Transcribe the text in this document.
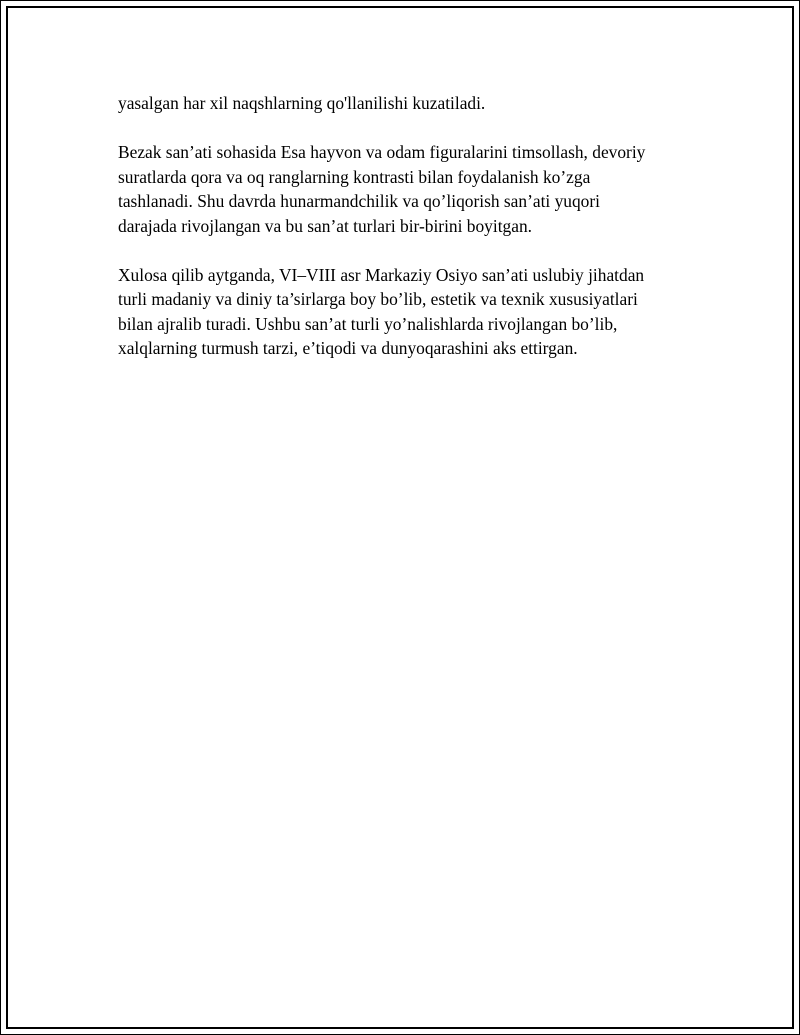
yasalgan har xil naqshlarning qo'llanilishi kuzatiladi.

Bezak san’ati sohasida Esa hayvon va odam figuralarini timsollash, devoriy
suratlarda qora va oq ranglarning kontrasti bilan foydalanish ko’zga
tashlanadi. Shu davrda hunarmandchilik va qo’liqorish san’ati yuqori
darajada rivojlangan va bu san’at turlari bir-birini boyitgan.

Xulosa qilib aytganda, VI–VIII asr Markaziy Osiyo san’ati uslubiy jihatdan
turli madaniy va diniy ta’sirlarga boy bo’lib, estetik va texnik xususiyatlari
bilan ajralib turadi. Ushbu san’at turli yo’nalishlarda rivojlangan bo’lib,
xalqlarning turmush tarzi, e’tiqodi va dunyoqarashini aks ettirgan.
